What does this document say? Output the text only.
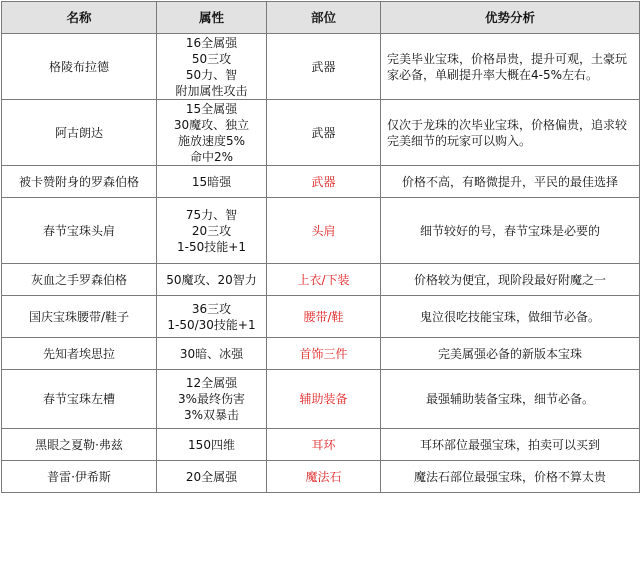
名称	属性	部位	优势分析
格陵布拉德	16全属强
50三攻
50力、智
附加属性攻击	武器	完美毕业宝珠，价格昂贵，提升可观，土豪玩家必备，单刷提升率大概在4-5%左右。
阿古朗达	15全属强
30魔攻、独立
施放速度5%
命中2%	武器	仅次于龙珠的次毕业宝珠，价格偏贵，追求较完美细节的玩家可以购入。
被卡赞附身的罗森伯格	15暗强	武器	价格不高，有略微提升，平民的最佳选择
春节宝珠头肩	75力、智
20三攻
1-50技能+1	头肩	细节较好的号，春节宝珠是必要的
灰血之手罗森伯格	50魔攻、20智力	上衣/下装	价格较为便宜，现阶段最好附魔之一
国庆宝珠腰带/鞋子	36三攻
1-50/30技能+1	腰带/鞋	鬼泣很吃技能宝珠，做细节必备。
先知者埃思拉	30暗、冰强	首饰三件	完美属强必备的新版本宝珠
春节宝珠左槽	12全属强
3%最终伤害
3%双暴击	辅助装备	最强辅助装备宝珠，细节必备。
黑眼之夏勒·弗兹	150四维	耳环	耳环部位最强宝珠，拍卖可以买到
普雷·伊希斯	20全属强	魔法石	魔法石部位最强宝珠，价格不算太贵
